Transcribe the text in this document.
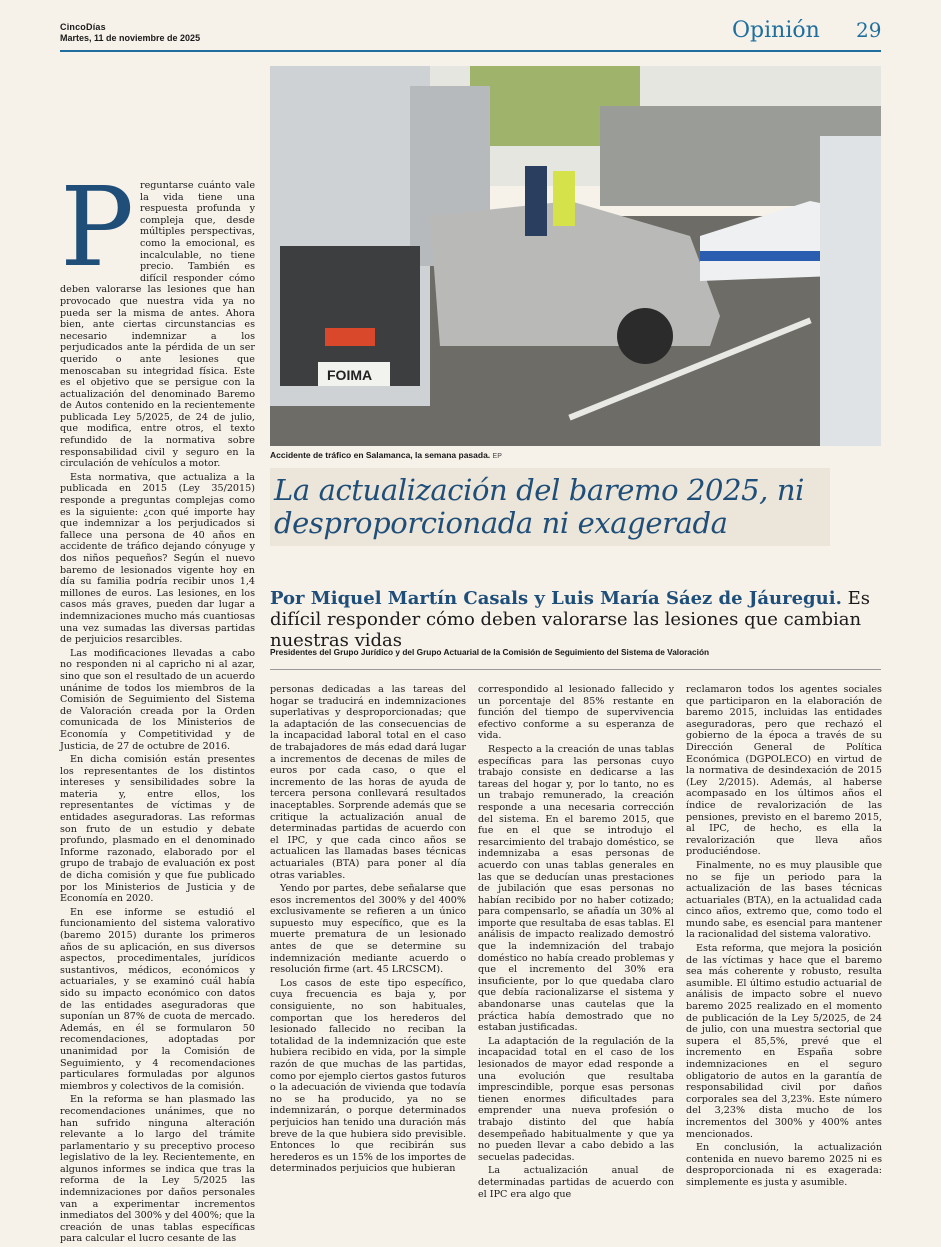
CincoDías
Martes, 11 de noviembre de 2025	Opinión 29
FOIMA
Accidente de tráfico en Salamanca, la semana pasada. EP
La actualización del baremo 2025, ni desproporcionada ni exagerada
Por Miquel Martín Casals y Luis María Sáez de Jáuregui. Es difícil responder cómo deben valorarse las lesiones que cambian nuestras vidas
Presidentes del Grupo Jurídico y del Grupo Actuarial de la Comisión de Seguimiento del Sistema de Valoración
P reguntarse cuánto vale la vida tiene una respuesta profunda y compleja que, desde múltiples perspectivas, como la emocional, es incalculable, no tiene precio. También es difícil responder cómo deben valorarse las lesiones que han provocado que nuestra vida ya no pueda ser la misma de antes. Ahora bien, ante ciertas circunstancias es necesario indemnizar a los perjudicados ante la pérdida de un ser querido o ante lesiones que menoscaban su integridad física. Este es el objetivo que se persigue con la actualización del denominado Baremo de Autos contenido en la recientemente publicada Ley 5/2025, de 24 de julio, que modifica, entre otros, el texto refundido de la normativa sobre responsabilidad civil y seguro en la circulación de vehículos a motor.

Esta normativa, que actualiza a la publicada en 2015 (Ley 35/2015) responde a preguntas complejas como es la siguiente: ¿con qué importe hay que indemnizar a los perjudicados si fallece una persona de 40 años en accidente de tráfico dejando cónyuge y dos niños pequeños? Según el nuevo baremo de lesionados vigente hoy en día su familia podría recibir unos 1,4 millones de euros. Las lesiones, en los casos más graves, pueden dar lugar a indemnizaciones mucho más cuantiosas una vez sumadas las diversas partidas de perjuicios resarcibles.

Las modificaciones llevadas a cabo no responden ni al capricho ni al azar, sino que son el resultado de un acuerdo unánime de todos los miembros de la Comisión de Seguimiento del Sistema de Valoración creada por la Orden comunicada de los Ministerios de Economía y Competitividad y de Justicia, de 27 de octubre de 2016.

En dicha comisión están presentes los representantes de los distintos intereses y sensibilidades sobre la materia y, entre ellos, los representantes de víctimas y de entidades aseguradoras. Las reformas son fruto de un estudio y debate profundo, plasmado en el denominado Informe razonado, elaborado por el grupo de trabajo de evaluación ex post de dicha comisión y que fue publicado por los Ministerios de Justicia y de Economía en 2020.

En ese informe se estudió el funcionamiento del sistema valorativo (baremo 2015) durante los primeros años de su aplicación, en sus diversos aspectos, procedimentales, jurídicos sustantivos, médicos, económicos y actuariales, y se examinó cuál había sido su impacto económico con datos de las entidades aseguradoras que suponían un 87% de cuota de mercado. Además, en él se formularon 50 recomendaciones, adoptadas por unanimidad por la Comisión de Seguimiento, y 4 recomendaciones particulares formuladas por algunos miembros y colectivos de la comisión.

En la reforma se han plasmado las recomendaciones unánimes, que no han sufrido ninguna alteración relevante a lo largo del trámite parlamentario y su preceptivo proceso legislativo de la ley. Recientemente, en algunos informes se indica que tras la reforma de la Ley 5/2025 las indemnizaciones por daños personales van a experimentar incrementos inmediatos del 300% y del 400%; que la creación de unas tablas específicas para calcular el lucro cesante de las

personas dedicadas a las tareas del hogar se traducirá en indemnizaciones superlativas y desproporcionadas; que la adaptación de las consecuencias de la incapacidad laboral total en el caso de trabajadores de más edad dará lugar a incrementos de decenas de miles de euros por cada caso, o que el incremento de las horas de ayuda de tercera persona conllevará resultados inaceptables. Sorprende además que se critique la actualización anual de determinadas partidas de acuerdo con el IPC, y que cada cinco años se actualicen las llamadas bases técnicas actuariales (BTA) para poner al día otras variables.

Yendo por partes, debe señalarse que esos incrementos del 300% y del 400% exclusivamente se refieren a un único supuesto muy específico, que es la muerte prematura de un lesionado antes de que se determine su indemnización mediante acuerdo o resolución firme (art. 45 LRCSCM).

Los casos de este tipo específico, cuya frecuencia es baja y, por consiguiente, no son habituales, comportan que los herederos del lesionado fallecido no reciban la totalidad de la indemnización que este hubiera recibido en vida, por la simple razón de que muchas de las partidas, como por ejemplo ciertos gastos futuros o la adecuación de vivienda que todavía no se ha producido, ya no se indemnizarán, o porque determinados perjuicios han tenido una duración más breve de la que hubiera sido previsible. Entonces lo que recibirán sus herederos es un 15% de los importes de determinados perjuicios que hubieran

correspondido al lesionado fallecido y un porcentaje del 85% restante en función del tiempo de supervivencia efectivo conforme a su esperanza de vida.

Respecto a la creación de unas tablas específicas para las personas cuyo trabajo consiste en dedicarse a las tareas del hogar y, por lo tanto, no es un trabajo remunerado, la creación responde a una necesaria corrección del sistema. En el baremo 2015, que fue en el que se introdujo el resarcimiento del trabajo doméstico, se indemnizaba a esas personas de acuerdo con unas tablas generales en las que se deducían unas prestaciones de jubilación que esas personas no habían recibido por no haber cotizado; para compensarlo, se añadía un 30% al importe que resultaba de esas tablas. El análisis de impacto realizado demostró que la indemnización del trabajo doméstico no había creado problemas y que el incremento del 30% era insuficiente, por lo que quedaba claro que debía racionalizarse el sistema y abandonarse unas cautelas que la práctica había demostrado que no estaban justificadas.

La adaptación de la regulación de la incapacidad total en el caso de los lesionados de mayor edad responde a una evolución que resultaba imprescindible, porque esas personas tienen enormes dificultades para emprender una nueva profesión o trabajo distinto del que había desempeñado habitualmente y que ya no pueden llevar a cabo debido a las secuelas padecidas.

La actualización anual de determinadas partidas de acuerdo con el IPC era algo que

reclamaron todos los agentes sociales que participaron en la elaboración de baremo 2015, incluidas las entidades aseguradoras, pero que rechazó el gobierno de la época a través de su Dirección General de Política Económica (DGPOLECO) en virtud de la normativa de desindexación de 2015 (Ley 2/2015). Además, al haberse acompasado en los últimos años el índice de revalorización de las pensiones, previsto en el baremo 2015, al IPC, de hecho, es ella la revalorización que lleva años produciéndose.

Finalmente, no es muy plausible que no se fije un periodo para la actualización de las bases técnicas actuariales (BTA), en la actualidad cada cinco años, extremo que, como todo el mundo sabe, es esencial para mantener la racionalidad del sistema valorativo.

Esta reforma, que mejora la posición de las víctimas y hace que el baremo sea más coherente y robusto, resulta asumible. El último estudio actuarial de análisis de impacto sobre el nuevo baremo 2025 realizado en el momento de publicación de la Ley 5/2025, de 24 de julio, con una muestra sectorial que supera el 85,5%, prevé que el incremento en España sobre indemnizaciones en el seguro obligatorio de autos en la garantía de responsabilidad civil por daños corporales sea del 3,23%. Este número del 3,23% dista mucho de los incrementos del 300% y 400% antes mencionados.

En conclusión, la actualización contenida en nuevo baremo 2025 ni es desproporcionada ni es exagerada: simplemente es justa y asumible.
